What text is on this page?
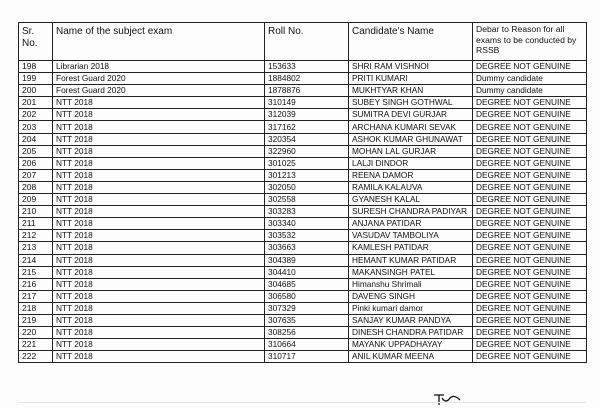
Sr. No.	Name of the subject exam	Roll No.	Candidate's Name	Debar to Reason for all exams to be conducted by RSSB
198	Librarian 2018	153633	SHRI RAM VISHNOI	DEGREE NOT GENUINE
199	Forest Guard 2020	1884802	PRITI KUMARI	Dummy candidate
200	Forest Guard 2020	1878876	MUKHTYAR KHAN	Dummy candidate
201	NTT 2018	310149	SUBEY SINGH GOTHWAL	DEGREE NOT GENUINE
202	NTT 2018	312039	SUMITRA DEVI GURJAR	DEGREE NOT GENUINE
203	NTT 2018	317162	ARCHANA KUMARI SEVAK	DEGREE NOT GENUINE
204	NTT 2018	320354	ASHOK KUMAR GHUNAWAT	DEGREE NOT GENUINE
205	NTT 2018	322960	MOHAN LAL GURJAR	DEGREE NOT GENUINE
206	NTT 2018	301025	LALJI DINDOR	DEGREE NOT GENUINE
207	NTT 2018	301213	REENA DAMOR	DEGREE NOT GENUINE
208	NTT 2018	302050	RAMILA KALAUVA	DEGREE NOT GENUINE
209	NTT 2018	302558	GYANESH KALAL	DEGREE NOT GENUINE
210	NTT 2018	303283	SURESH CHANDRA PADIYAR	DEGREE NOT GENUINE
211	NTT 2018	303340	ANJANA PATIDAR	DEGREE NOT GENUINE
212	NTT 2018	303532	VASUDAV TAMBOLIYA	DEGREE NOT GENUINE
213	NTT 2018	303663	KAMLESH PATIDAR	DEGREE NOT GENUINE
214	NTT 2018	304389	HEMANT KUMAR PATIDAR	DEGREE NOT GENUINE
215	NTT 2018	304410	MAKANSINGH PATEL	DEGREE NOT GENUINE
216	NTT 2018	304685	Himanshu Shrimali	DEGREE NOT GENUINE
217	NTT 2018	306580	DAVENG SINGH	DEGREE NOT GENUINE
218	NTT 2018	307329	Pinki kumari damor	DEGREE NOT GENUINE
219	NTT 2018	307635	SANJAY KUMAR PANDYA	DEGREE NOT GENUINE
220	NTT 2018	308256	DINESH CHANDRA PATIDAR	DEGREE NOT GENUINE
221	NTT 2018	310664	MAYANK UPPADHAYAY	DEGREE NOT GENUINE
222	NTT 2018	310717	ANIL KUMAR MEENA	DEGREE NOT GENUINE
